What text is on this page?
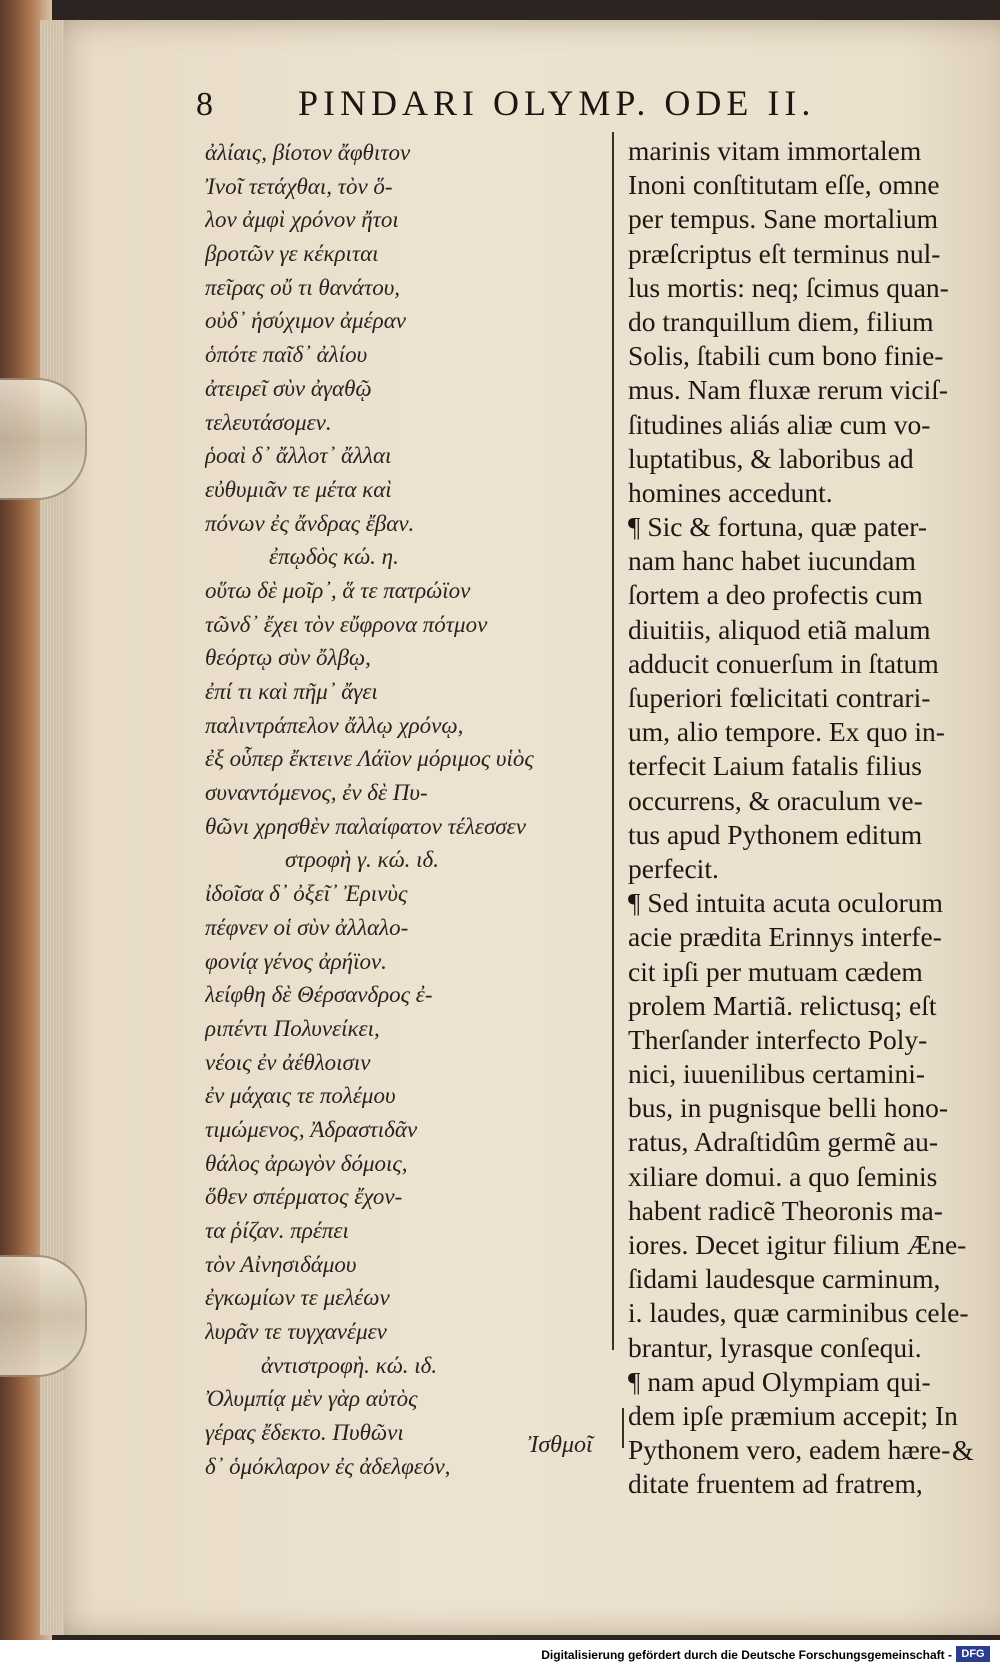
8 PINDARI OLYMP. ODE II.
ἀλίαις, βίοτον ἄφθιτον
Ἰνοῖ τετάχθαι, τὸν ὅ-
λον ἀμφὶ χρόνον ἤτοι
βροτῶν γε κέκριται
πεῖρας οὔ τι θανάτου,
οὐδ᾽ ἡσύχιμον ἀμέραν
ὁπότε παῖδ᾽ ἀλίου
ἀτειρεῖ σὺν ἀγαθῷ
τελευτάσομεν.
ῥοαὶ δ᾽ ἄλλοτ᾽ ἄλλαι
εὐθυμιᾶν τε μέτα καὶ
πόνων ἐς ἄνδρας ἔβαν.
ἐπῳδὸς κώ. η.
οὕτω δὲ μοῖρ᾽, ἅ τε πατρώϊον
τῶνδ᾽ ἔχει τὸν εὔφρονα πότμον
θεόρτῳ σὺν ὄλβῳ,
ἐπί τι καὶ πῆμ᾽ ἄγει
παλιντράπελον ἄλλῳ χρόνῳ,
ἐξ οὗπερ ἔκτεινε Λάϊον μόριμος υἱὸς
συναντόμενος, ἐν δὲ Πυ-
θῶνι χρησθὲν παλαίφατον τέλεσσεν
στροφὴ γ. κώ. ιδ.
ἰδοῖσα δ᾽ ὀξεῖ᾽ Ἐρινὺς
πέφνεν οἱ σὺν ἀλλαλο-
φονίᾳ γένος ἀρήϊον.
λείφθη δὲ Θέρσανδρος ἐ-
ριπέντι Πολυνείκει,
νέοις ἐν ἀέθλοισιν
ἐν μάχαις τε πολέμου
τιμώμενος, Ἀδραστιδᾶν
θάλος ἀρωγὸν δόμοις,
ὅθεν σπέρματος ἔχον-
τα ῥίζαν. πρέπει
τὸν Αἰνησιδάμου
ἐγκωμίων τε μελέων
λυρᾶν τε τυγχανέμεν
ἀντιστροφὴ. κώ. ιδ.
Ὀλυμπίᾳ μὲν γὰρ αὐτὸς
γέρας ἔδεκτο. Πυθῶνι
δ᾽ ὁμόκλαρον ἐς ἀδελφεόν,
Ἰσθμοῖ
marinis vitam immortalem
Inoni conſtitutam eſſe, omne
per tempus. Sane mortalium
præſcriptus eſt terminus nul-
lus mortis: neq; ſcimus quan-
do tranquillum diem, filium
Solis, ſtabili cum bono finie-
mus. Nam fluxæ rerum viciſ-
ſitudines aliás aliæ cum vo-
luptatibus, & laboribus ad
homines accedunt.
¶ Sic & fortuna, quæ pater-
nam hanc habet iucundam
ſortem a deo profectis cum
diuitiis, aliquod etiã malum
adducit conuerſum in ſtatum
ſuperiori fœlicitati contrari-
um, alio tempore. Ex quo in-
terfecit Laium fatalis filius
occurrens, & oraculum ve-
tus apud Pythonem editum
perfecit.
¶ Sed intuita acuta oculorum
acie prædita Erinnys interfe-
cit ipſi per mutuam cædem
prolem Martiã. relictusq; eſt
Therſander interfecto Poly-
nici, iuuenilibus certamini-
bus, in pugnisque belli hono-
ratus, Adraſtidûm germẽ au-
xiliare domui. a quo ſeminis
habent radicẽ Theoronis ma-
iores. Decet igitur filium Æne-
ſidami laudesque carminum,
i. laudes, quæ carminibus cele-
brantur, lyrasque conſequi.
¶ nam apud Olympiam qui-
dem ipſe præmium accepit; In
Pythonem vero, eadem hære-
ditate fruentem ad fratrem,
&
Digitalisierung gefördert durch die Deutsche Forschungsgemeinschaft - DFG
